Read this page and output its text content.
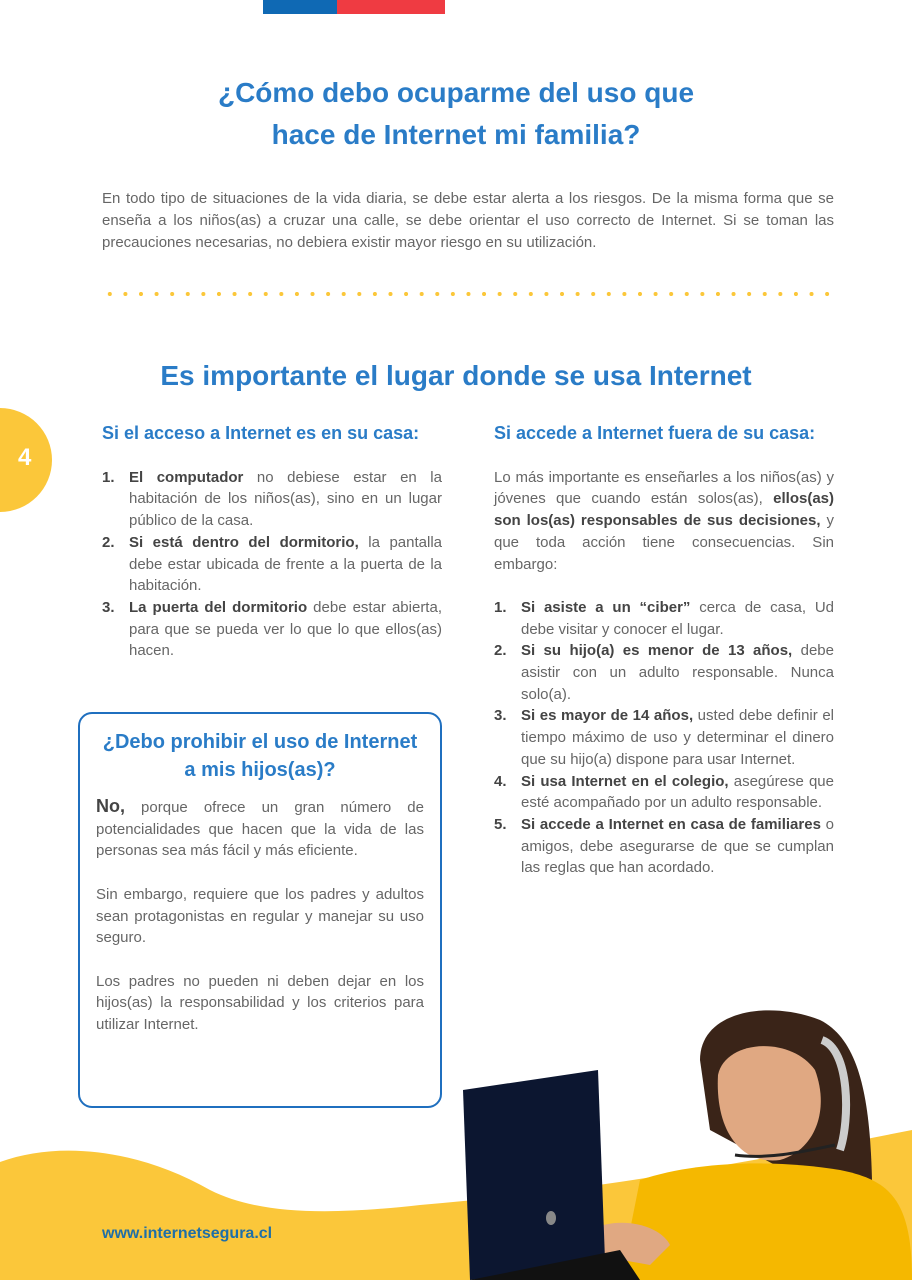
¿Cómo debo ocuparme del uso que
hace de Internet mi familia?

En todo tipo de situaciones de la vida diaria, se debe estar alerta a los riesgos. De la misma forma que se enseña a los niños(as) a cruzar una calle, se debe orientar el uso correcto de Internet. Si se toman las precauciones necesarias, no debiera existir mayor riesgo en su utilización.

Es importante el lugar donde se usa Internet
4
Si el acceso a Internet es en su casa:
1. El computador no debiese estar en la habitación de los niños(as), sino en un lugar público de la casa.
2. Si está dentro del dormitorio, la pantalla debe estar ubicada de frente a la puerta de la habitación.
3. La puerta del dormitorio debe estar abierta, para que se pueda ver lo que lo que ellos(as) hacen.
Si accede a Internet fuera de su casa:

Lo más importante es enseñarles a los niños(as) y jóvenes que cuando están solos(as), ellos(as) son los(as) responsables de sus decisiones, y que toda acción tiene consecuencias. Sin embargo:

1. Si asiste a un “ciber” cerca de casa, Ud debe visitar y conocer el lugar.
2. Si su hijo(a) es menor de 13 años, debe asistir con un adulto responsable. Nunca solo(a).
3. Si es mayor de 14 años, usted debe definir el tiempo máximo de uso y determinar el dinero que su hijo(a) dispone para usar Internet.
4. Si usa Internet en el colegio, asegúrese que esté acompañado por un adulto responsable.
5. Si accede a Internet en casa de familiares o amigos, debe asegurarse de que se cumplan las reglas que han acordado.
¿Debo prohibir el uso de Internet a mis hijos(as)?

No, porque ofrece un gran número de potencialidades que hacen que la vida de las personas sea más fácil y más eficiente.

Sin embargo, requiere que los padres y adultos sean protagonistas en regular y manejar su uso seguro.

Los padres no pueden ni deben dejar en los hijos(as) la responsabilidad y los criterios para utilizar Internet.

www.internetsegura.cl
